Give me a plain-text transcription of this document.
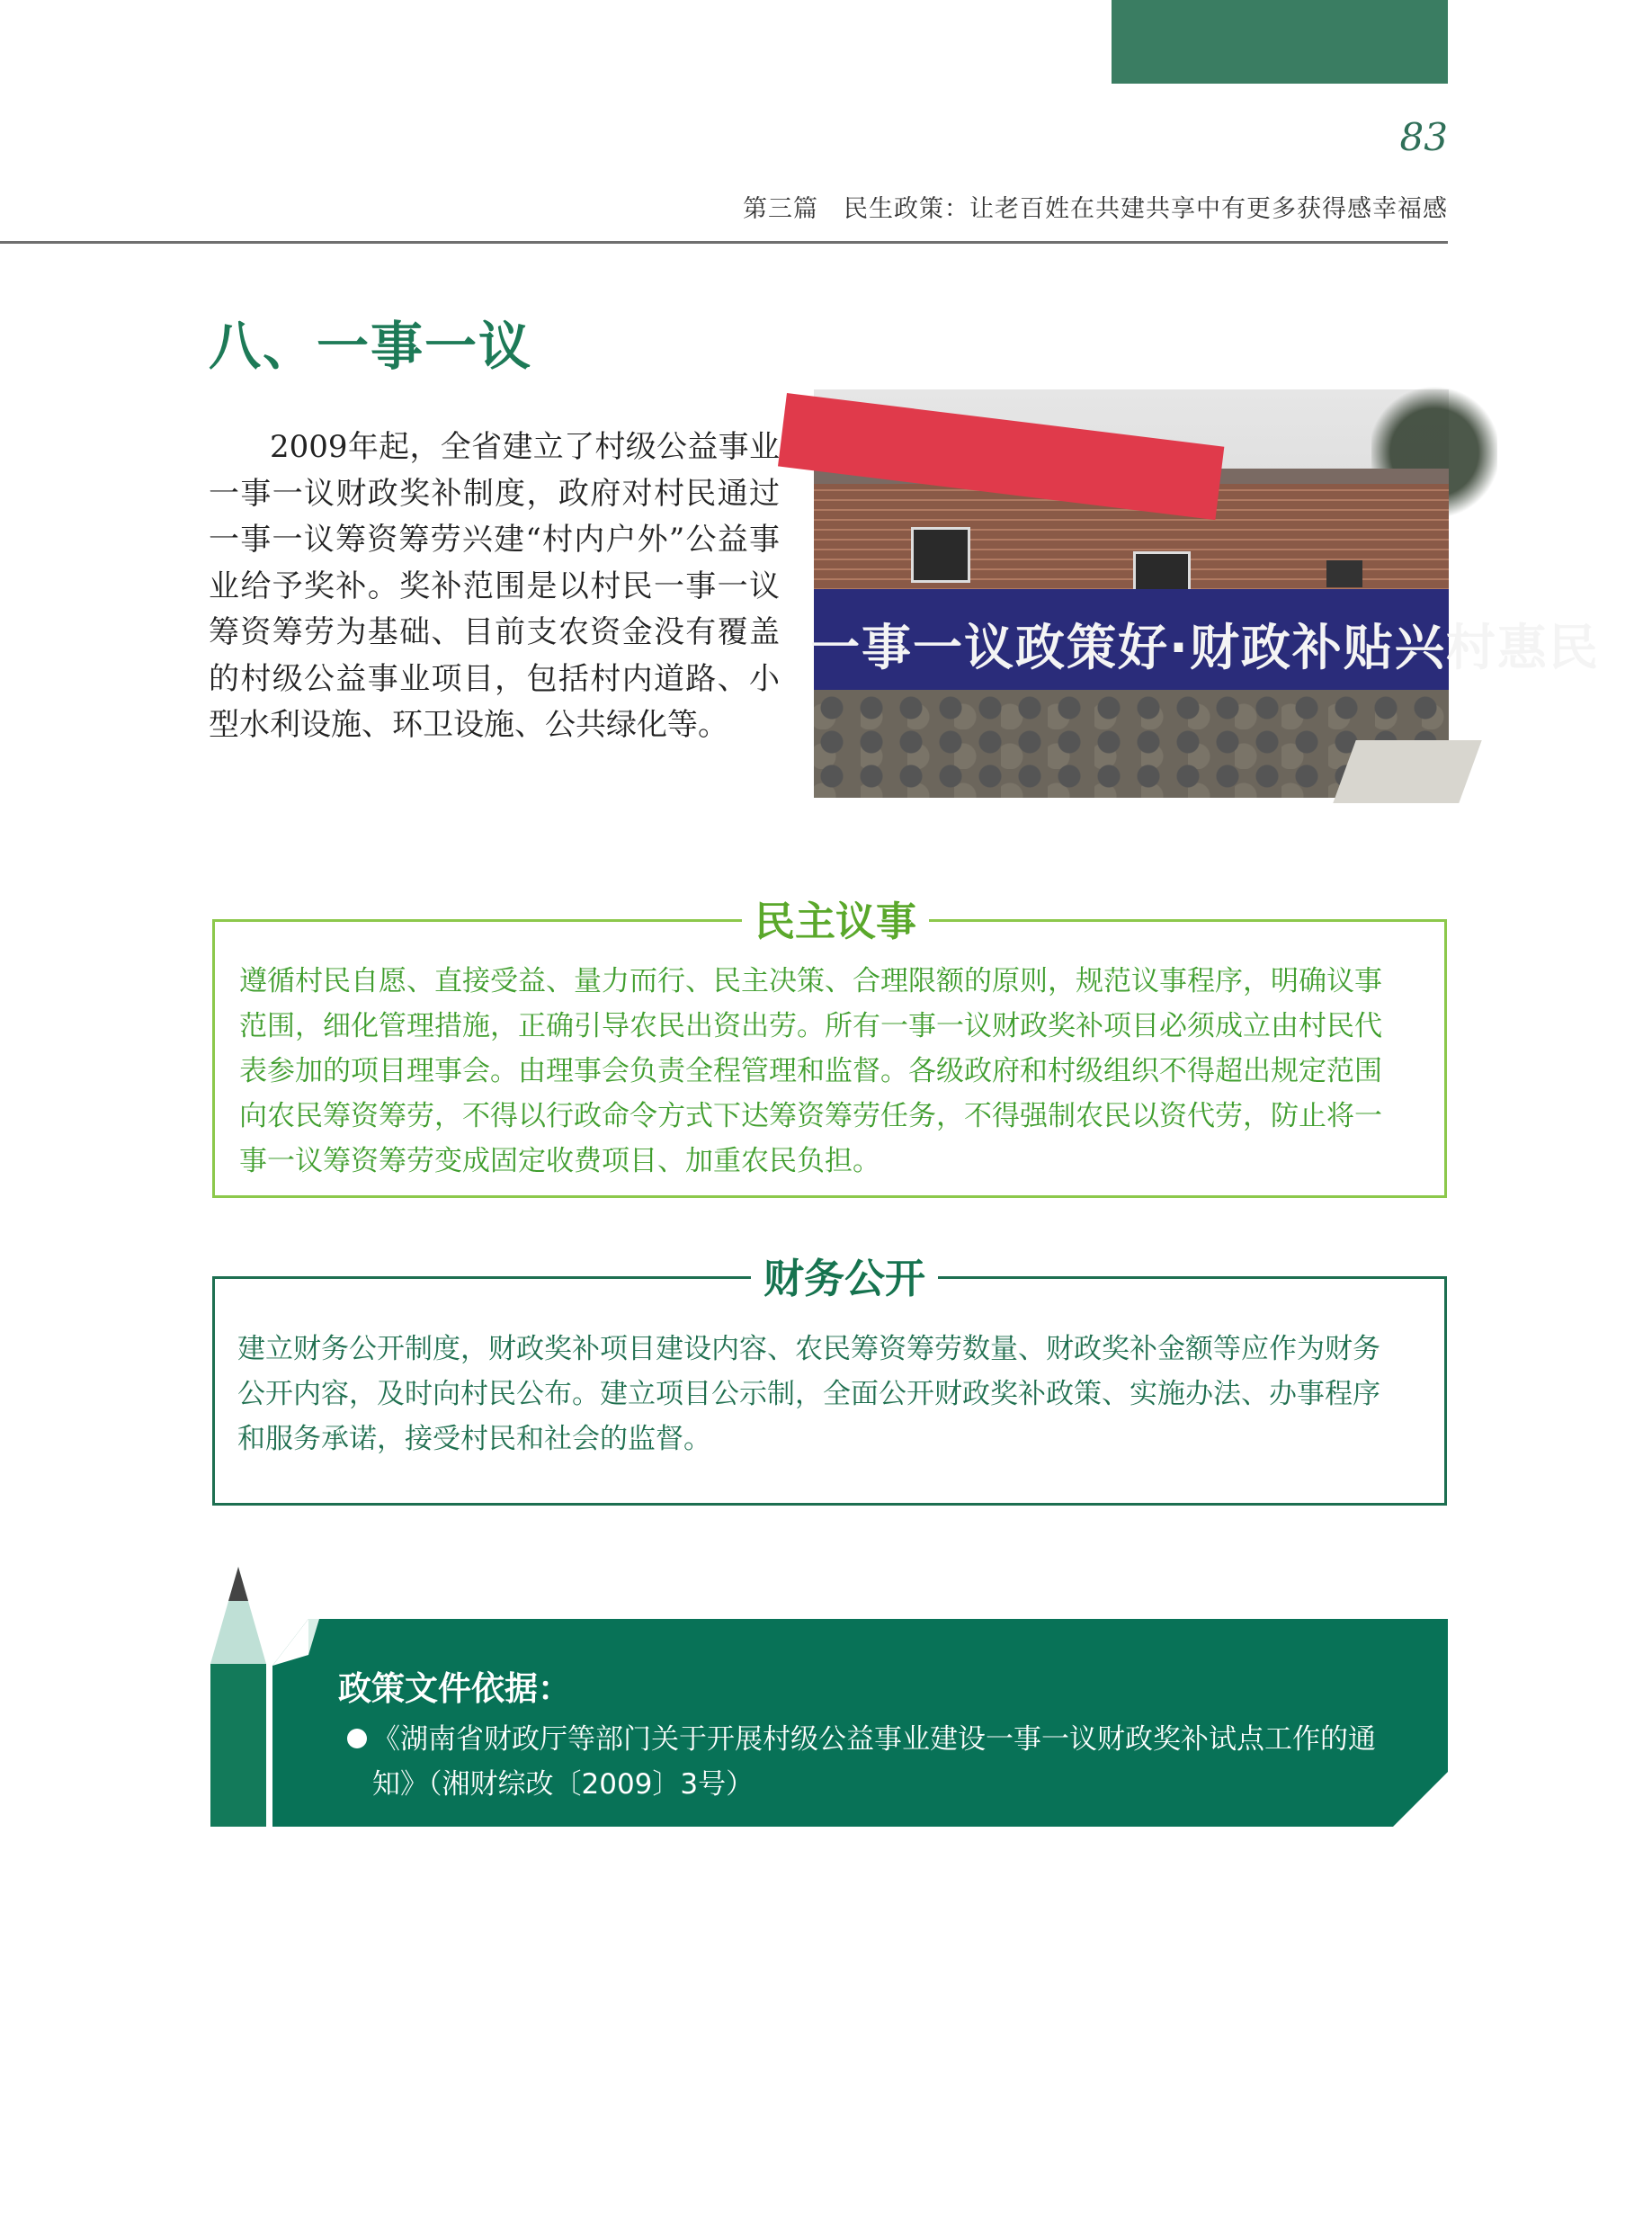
83
第三篇　民生政策：让老百姓在共建共享中有更多获得感幸福感
八、一事一议

2009年起，全省建立了村级公益事业一事一议财政奖补制度，政府对村民通过一事一议筹资筹劳兴建“村内户外”公益事业给予奖补。奖补范围是以村民一事一议筹资筹劳为基础、目前支农资金没有覆盖的村级公益事业项目，包括村内道路、小型水利设施、环卫设施、公共绿化等。

一事一议政策好·财政补贴兴村惠民
民主议事
遵循村民自愿、直接受益、量力而行、民主决策、合理限额的原则，规范议事程序，明确议事
范围，细化管理措施，正确引导农民出资出劳。所有一事一议财政奖补项目必须成立由村民代
表参加的项目理事会。由理事会负责全程管理和监督。各级政府和村级组织不得超出规定范围
向农民筹资筹劳，不得以行政命令方式下达筹资筹劳任务，不得强制农民以资代劳，防止将一
事一议筹资筹劳变成固定收费项目、加重农民负担。
财务公开
建立财务公开制度，财政奖补项目建设内容、农民筹资筹劳数量、财政奖补金额等应作为财务
公开内容，及时向村民公布。建立项目公示制，全面公开财政奖补政策、实施办法、办事程序
和服务承诺，接受村民和社会的监督。
政策文件依据：
《湖南省财政厅等部门关于开展村级公益事业建设一事一议财政奖补试点工作的通
知》（湘财综改〔2009〕3号）
